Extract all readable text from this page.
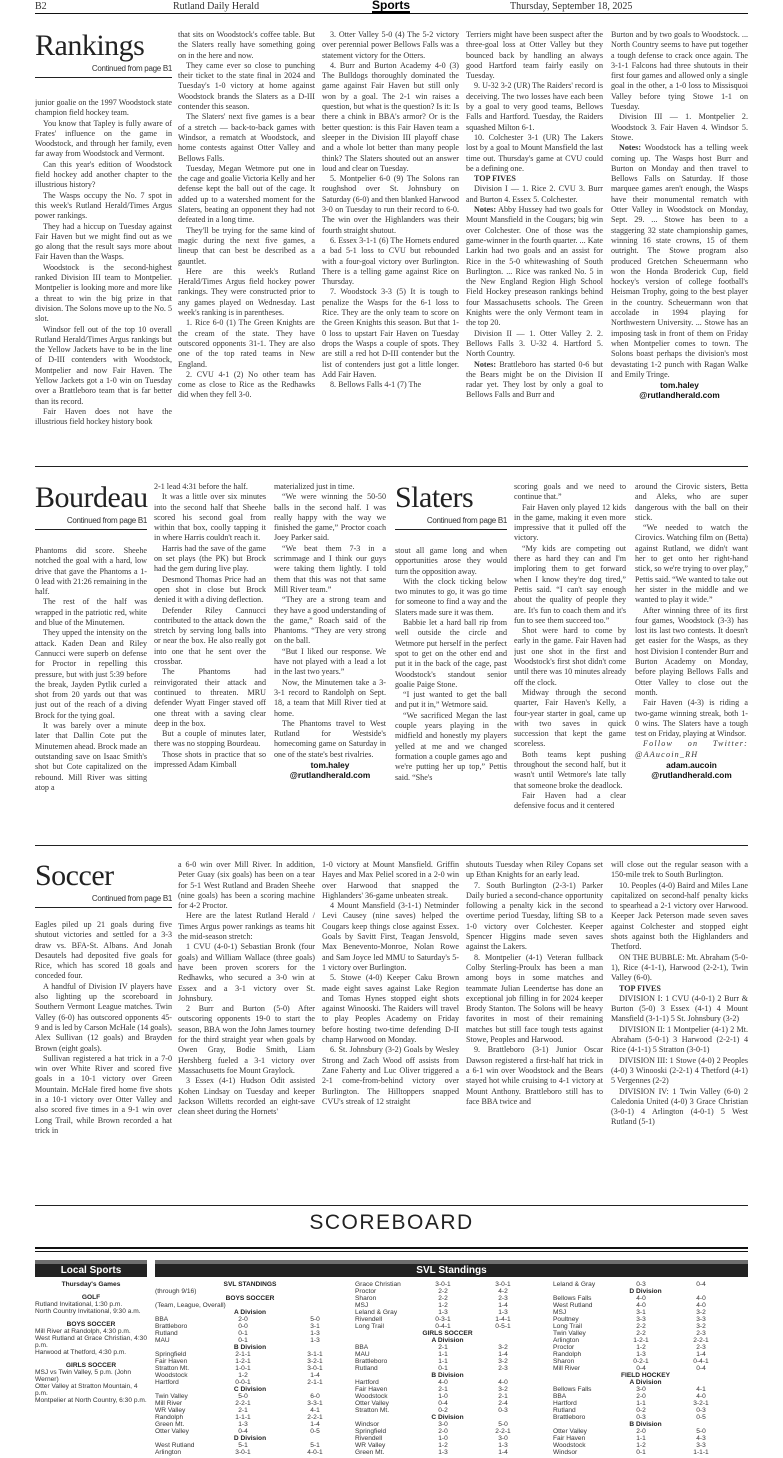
B2	Rutland Daily Herald	Sports	Thursday, September 18, 2025
Rankings
Continued from page B1

junior goalie on the 1997 Woodstock state champion field hockey team.

You know that Tapley is fully aware of Frates' influence on the game in Woodstock, and through her family, even far away from Woodstock and Vermont.

Can this year's edition of Woodstock field hockey add another chapter to the illustrious history?

The Wasps occupy the No. 7 spot in this week's Rutland Herald/Times Argus power rankings.

They had a hiccup on Tuesday against Fair Haven but we might find out as we go along that the result says more about Fair Haven than the Wasps.

Woodstock is the second-highest ranked Division III team to Montpelier. Montpelier is looking more and more like a threat to win the big prize in that division. The Solons move up to the No. 5 slot.

Windsor fell out of the top 10 overall Rutland Herald/Times Argus rankings but the Yellow Jackets have to be in the line of D-III contenders with Woodstock, Montpelier and now Fair Haven. The Yellow Jackets got a 1-0 win on Tuesday over a Brattleboro team that is far better than its record.

Fair Haven does not have the illustrious field hockey history book

that sits on Woodstock's coffee table. But the Slaters really have something going on in the here and now.

They came ever so close to punching their ticket to the state final in 2024 and Tuesday's 1-0 victory at home against Woodstock brands the Slaters as a D-III contender this season.

The Slaters' next five games is a bear of a stretch — back-to-back games with Windsor, a rematch at Woodstock, and home contests against Otter Valley and Bellows Falls.

Tuesday, Megan Wetmore put one in the cage and goalie Victoria Kelly and her defense kept the ball out of the cage. It added up to a watershed moment for the Slaters, beating an opponent they had not defeated in a long time.

They'll be trying for the same kind of magic during the next five games, a lineup that can best be described as a gauntlet.

Here are this week's Rutland Herald/Times Argus field hockey power rankings. They were constructed prior to any games played on Wednesday. Last week's ranking is in parentheses.

1. Rice 6-0 (1) The Green Knights are the cream of the state. They have outscored opponents 31-1. They are also one of the top rated teams in New England.

2. CVU 4-1 (2) No other team has come as close to Rice as the Redhawks did when they fell 3-0.

3. Otter Valley 5-0 (4) The 5-2 victory over perennial power Bellows Falls was a statement victory for the Otters.

4. Burr and Burton Academy 4-0 (3) The Bulldogs thoroughly dominated the game against Fair Haven but still only won by a goal. The 2-1 win raises a question, but what is the question? Is it: Is there a chink in BBA's armor? Or is the better question: is this Fair Haven team a sleeper in the Division III playoff chase and a whole lot better than many people think? The Slaters shouted out an answer loud and clear on Tuesday.

5. Montpelier 6-0 (9) The Solons ran roughshod over St. Johnsbury on Saturday (6-0) and then blanked Harwood 3-0 on Tuesday to run their record to 6-0. The win over the Highlanders was their fourth straight shutout.

6. Essex 3-1-1 (6) The Hornets endured a bad 5-1 loss to CVU but rebounded with a four-goal victory over Burlington. There is a telling game against Rice on Thursday.

7. Woodstock 3-3 (5) It is tough to penalize the Wasps for the 6-1 loss to Rice. They are the only team to score on the Green Knights this season. But that 1-0 loss to upstart Fair Haven on Tuesday drops the Wasps a couple of spots. They are still a red hot D-III contender but the list of contenders just got a little longer. Add Fair Haven.

8. Bellows Falls 4-1 (7) The

Terriers might have been suspect after the three-goal loss at Otter Valley but they bounced back by handling an always good Hartford team fairly easily on Tuesday.

9. U-32 3-2 (UR) The Raiders' record is deceiving. The two losses have each been by a goal to very good teams, Bellows Falls and Hartford. Tuesday, the Raiders squashed Milton 6-1.

10. Colchester 3-1 (UR) The Lakers lost by a goal to Mount Mansfield the last time out. Thursday's game at CVU could be a defining one.

TOP FIVES

Division I — 1. Rice 2. CVU 3. Burr and Burton 4. Essex 5. Colchester.

Notes: Abby Hussey had two goals for Mount Mansfield in the Cougars; big win over Colchester. One of those was the game-winner in the fourth quarter. ... Kate Larkin had two goals and an assist for Rice in the 5-0 whitewashing of South Burlington. ... Rice was ranked No. 5 in the New England Region High School Field Hockey preseason rankings behind four Massachusetts schools. The Green Knights were the only Vermont team in the top 20.

Division II — 1. Otter Valley 2. 2. Bellows Falls 3. U-32 4. Hartford 5. North Country.

Notes: Brattleboro has started 0-6 but the Bears might be on the Division II radar yet. They lost by only a goal to Bellows Falls and Burr and

Burton and by two goals to Woodstock. ... North Country seems to have put together a tough defense to crack once again. The 3-1-1 Falcons had three shutouts in their first four games and allowed only a single goal in the other, a 1-0 loss to Missisquoi Valley before tying Stowe 1-1 on Tuesday.

Division III — 1. Montpelier 2. Woodstock 3. Fair Haven 4. Windsor 5. Stowe.

Notes: Woodstock has a telling week coming up. The Wasps host Burr and Burton on Monday and then travel to Bellows Falls on Saturday. If those marquee games aren't enough, the Wasps have their monumental rematch with Otter Valley in Woodstock on Monday, Sept. 29. ... Stowe has been to a staggering 32 state championship games, winning 16 state crowns, 15 of them outright. The Stowe program also produced Gretchen Scheuermann who won the Honda Broderick Cup, field hockey's version of college football's Heisman Trophy, going to the best player in the country. Scheuermann won that accolade in 1994 playing for Northwestern University. ... Stowe has an imposing task in front of them on Friday when Montpelier comes to town. The Solons boast perhaps the division's most devastating 1-2 punch with Ragan Walke and Emily Tringe.

tom.haley

@rutlandherald.com

Bourdeau
Continued from page B1

Phantoms did score. Sheehe notched the goal with a hard, low drive that gave the Phantoms a 1-0 lead with 21:26 remaining in the half.

The rest of the half was wrapped in the patriotic red, white and blue of the Minutemen.

They upped the intensity on the attack. Kaden Dean and Riley Cannucci were superb on defense for Proctor in repelling this pressure, but with just 5:39 before the break, Jayden Pytlik curled a shot from 20 yards out that was just out of the reach of a diving Brock for the tying goal.

It was barely over a minute later that Dallin Cote put the Minutemen ahead. Brock made an outstanding save on Isaac Smith's shot but Cote capitalized on the rebound. Mill River was sitting atop a

2-1 lead 4:31 before the half.

It was a little over six minutes into the second half that Sheehe scored his second goal from within that box, coolly tapping it in where Harris couldn't reach it.

Harris had the save of the game on set plays (the PK) but Brock had the gem during live play.

Desmond Thomas Price had an open shot in close but Brock denied it with a diving deflection.

Defender Riley Cannucci contributed to the attack down the stretch by serving long balls into or near the box. He also really got into one that he sent over the crossbar.

The Phantoms had reinvigorated their attack and continued to threaten. MRU defender Wyatt Finger staved off one threat with a saving clear deep in the box.

But a couple of minutes later, there was no stopping Bourdeau.

Those shots in practice that so impressed Adam Kimball

materialized just in time.

“We were winning the 50-50 balls in the second half. I was really happy with the way we finished the game,” Proctor coach Joey Parker said.

“We beat them 7-3 in a scrimmage and I think our guys were taking them lightly. I told them that this was not that same Mill River team.”

“They are a strong team and they have a good understanding of the game,” Roach said of the Phantoms. “They are very strong on the ball.

“But I liked our response. We have not played with a lead a lot in the last two years.”

Now, the Minutemen take a 3-3-1 record to Randolph on Sept. 18, a team that Mill River tied at home.

The Phantoms travel to West Rutland for Westside's homecoming game on Saturday in one of the state's best rivalries.

tom.haley

@rutlandherald.com

Slaters
Continued from page B1

stout all game long and when opportunities arose they would turn the opposition away.

With the clock ticking below two minutes to go, it was go time for someone to find a way and the Slaters made sure it was them.

Babbie let a hard ball rip from well outside the circle and Wetmore put herself in the perfect spot to get on the other end and put it in the back of the cage, past Woodstock's standout senior goalie Paige Stone.

“I just wanted to get the ball and put it in,” Wetmore said.

“We sacrificed Megan the last couple years playing in the midfield and honestly my players yelled at me and we changed formation a couple games ago and we're putting her up top,” Pettis said. “She's

scoring goals and we need to continue that.”

Fair Haven only played 12 kids in the game, making it even more impressive that it pulled off the victory.

“My kids are competing out there as hard they can and I'm imploring them to get forward when I know they're dog tired,” Pettis said. “I can't say enough about the quality of people they are. It's fun to coach them and it's fun to see them succeed too.”

Shot were hard to come by early in the game. Fair Haven had just one shot in the first and Woodstock's first shot didn't come until there was 10 minutes already off the clock.

Midway through the second quarter, Fair Haven's Kelly, a four-year starter in goal, came up with two saves in quick succession that kept the game scoreless.

Both teams kept pushing throughout the second half, but it wasn't until Wetmore's late tally that someone broke the deadlock.

Fair Haven had a clear defensive focus and it centered

around the Cirovic sisters, Betta and Aleks, who are super dangerous with the ball on their stick.

“We needed to watch the Cirovics. Watching film on (Betta) against Rutland, we didn't want her to get onto her right-hand stick, so we're trying to over play,” Pettis said. “We wanted to take out her sister in the middle and we wanted to play it wide.”

After winning three of its first four games, Woodstock (3-3) has lost its last two contests. It doesn't get easier for the Wasps, as they host Division I contender Burr and Burton Academy on Monday, before playing Bellows Falls and Otter Valley to close out the month.

Fair Haven (4-3) is riding a two-game winning streak, both 1-0 wins. The Slaters have a tough test on Friday, playing at Windsor.

Follow on Twitter: @AAucoin_RH

adam.aucoin

@rutlandherald.com

Soccer
Continued from page B1

Eagles piled up 21 goals during five shutout victories and settled for a 3-3 draw vs. BFA-St. Albans. And Jonah Desautels had deposited five goals for Rice, which has scored 18 goals and conceded four.

A handful of Division IV players have also lighting up the scoreboard in Southern Vermont League matches. Twin Valley (6-0) has outscored opponents 45-9 and is led by Carson McHale (14 goals), Alex Sullivan (12 goals) and Brayden Brown (eight goals).

Sullivan registered a hat trick in a 7-0 win over White River and scored five goals in a 10-1 victory over Green Mountain. McHale fired home five shots in a 10-1 victory over Otter Valley and also scored five times in a 9-1 win over Long Trail, while Brown recorded a hat trick in

a 6-0 win over Mill River. In addition, Peter Guay (six goals) has been on a tear for 5-1 West Rutland and Braden Sheehe (nine goals) has been a scoring machine for 4-2 Proctor.

Here are the latest Rutland Herald / Times Argus power rankings as teams hit the mid-season stretch:

1 CVU (4-0-1) Sebastian Bronk (four goals) and William Wallace (three goals) have been proven scorers for the Redhawks, who secured a 3-0 win at Essex and a 3-1 victory over St. Johnsbury.

2 Burr and Burton (5-0) After outscoring opponents 19-0 to start the season, BBA won the John James tourney for the third straight year when goals by Owen Gray, Bodie Smith, Liam Hershberg fueled a 3-1 victory over Massachusetts foe Mount Graylock.

3 Essex (4-1) Hudson Odit assisted Kohen Lindsay on Tuesday and keeper Jackson Willetts recorded an eight-save clean sheet during the Hornets'

1-0 victory at Mount Mansfield. Griffin Hayes and Max Peliel scored in a 2-0 win over Harwood that snapped the Highlanders' 36-game unbeaten streak.

4 Mount Mansfield (3-1-1) Netminder Levi Causey (nine saves) helped the Cougars keep things close against Essex. Goals by Savitt First, Teagan Jensvold, Max Benevento-Monroe, Nolan Rowe and Sam Joyce led MMU to Saturday's 5-1 victory over Burlington.

5. Stowe (4-0) Keeper Caku Brown made eight saves against Lake Region and Tomas Hynes stopped eight shots against Winooski. The Raiders will travel to play Peoples Academy on Friday before hosting two-time defending D-II champ Harwood on Monday.

6. St. Johnsbury (3-2) Goals by Wesley Strong and Zach Wood off assists from Zane Faherty and Luc Oliver triggered a 2-1 come-from-behind victory over Burlington. The Hilltoppers snapped CVU's streak of 12 straight

shutouts Tuesday when Riley Copans set up Ethan Knights for an early lead.

7. South Burlington (2-3-1) Parker Daily buried a second-chance opportunity following a penalty kick in the second overtime period Tuesday, lifting SB to a 1-0 victory over Colchester. Keeper Spencer Higgins made seven saves against the Lakers.

8. Montpelier (4-1) Veteran fullback Colby Sterling-Proulx has been a man among boys in some matches and teammate Julian Leendertse has done an exceptional job filling in for 2024 keeper Brody Stanton. The Solons will be heavy favorites in most of their remaining matches but still face tough tests against Stowe, Peoples and Harwood.

9. Brattleboro (3-1) Junior Oscar Dawson registered a first-half hat trick in a 6-1 win over Woodstock and the Bears stayed hot while cruising to 4-1 victory at Mount Anthony. Brattleboro still has to face BBA twice and

will close out the regular season with a 150-mile trek to South Burlington.

10. Peoples (4-0) Baird and Miles Lane capitalized on second-half penalty kicks to spearhead a 2-1 victory over Harwood. Keeper Jack Peterson made seven saves against Colchester and stopped eight shots against both the Highlanders and Thetford.

ON THE BUBBLE: Mt. Abraham (5-0-1), Rice (4-1-1), Harwood (2-2-1), Twin Valley (6-0).

TOP FIVES

DIVISION I: 1 CVU (4-0-1) 2 Burr & Burton (5-0) 3 Essex (4-1) 4 Mount Mansfield (3-1-1) 5 St. Johnsbury (3-2)

DIVISION II: 1 Montpelier (4-1) 2 Mt. Abraham (5-0-1) 3 Harwood (2-2-1) 4 Rice (4-1-1) 5 Stratton (3-0-1)

DIVISION III: 1 Stowe (4-0) 2 Peoples (4-0) 3 Winooski (2-2-1) 4 Thetford (4-1) 5 Vergennes (2-2)

DIVISION IV: 1 Twin Valley (6-0) 2 Caledonia United (4-0) 3 Grace Christian (3-0-1) 4 Arlington (4-0-1) 5 West Rutland (5-1)

SCOREBOARD
Local Sports	SVL Standings

Thursday's Games

GOLF

Rutland Invitational, 1:30 p.m.

North Country Invitational, 9:30 a.m.

BOYS SOCCER

Mill River at Randolph, 4:30 p.m.

West Rutland at Grace Christian, 4:30 p.m.

Harwood at Thetford, 4:30 p.m.

GIRLS SOCCER

MSJ vs Twin Valley, 5 p.m. (John Werner)

Otter Valley at Stratton Mountain, 4 p.m.

Montpelier at North Country, 6:30 p.m.

SVL STANDINGS

(through 9/16)

BOYS SOCCER

(Team, League, Overall)

A Division

BBA	2-0	5-0
Brattleboro	0-0	3-1
Rutland	0-1	1-3
MAU	0-1	1-3

B Division

Springfield	2-1-1	3-1-1
Fair Haven	1-2-1	3-2-1
Stratton Mt.	1-0-1	3-0-1
Woodstock	1-2	1-4
Hartford	0-0-1	2-1-1

C Division

Twin Valley	5-0	6-0
Mill River	2-2-1	3-3-1
WR Valley	2-1	4-1
Randolph	1-1-1	2-2-1
Green Mt.	1-3	1-4
Otter Valley	0-4	0-5

D Division

West Rutland	5-1	5-1
Arlington	3-0-1	4-0-1
Grace Christian	3-0-1	3-0-1
Proctor	2-2	4-2
Sharon	2-2	2-3
MSJ	1-2	1-4
Leland & Gray	1-3	1-3
Rivendell	0-3-1	1-4-1
Long Trail	0-4-1	0-5-1

GIRLS SOCCER

A Division

BBA	2-1	3-2
MAU	1-1	1-4
Brattleboro	1-1	3-2
Rutland	0-1	2-3

B Division

Hartford	4-0	4-0
Fair Haven	2-1	3-2
Woodstock	1-0	2-1
Otter Valley	0-4	2-4
Stratton Mt.	0-2	0-3

C Division

Windsor	3-0	5-0
Springfield	2-0	2-2-1
Rivendell	1-0	3-0
WR Valley	1-2	1-3
Green Mt.	1-3	1-4
Leland & Gray	0-3	0-4

D Division

Bellows Falls	4-0	4-0
West Rutland	4-0	4-0
MSJ	3-1	3-2
Poultney	3-3	3-3
Long Trail	2-2	3-2
Twin Valley	2-2	2-3
Arlington	1-2-1	2-2-1
Proctor	1-2	2-3
Randolph	1-3	1-4
Sharon	0-2-1	0-4-1
Mill River	0-4	0-4

FIELD HOCKEY

A Division

Bellows Falls	3-0	4-1
BBA	2-0	4-0
Hartford	1-1	3-2-1
Rutland	0-2	0-3
Brattleboro	0-3	0-5

B Division

Otter Valley	2-0	5-0
Fair Haven	1-1	4-3
Woodstock	1-2	3-3
Windsor	0-1	1-1-1
